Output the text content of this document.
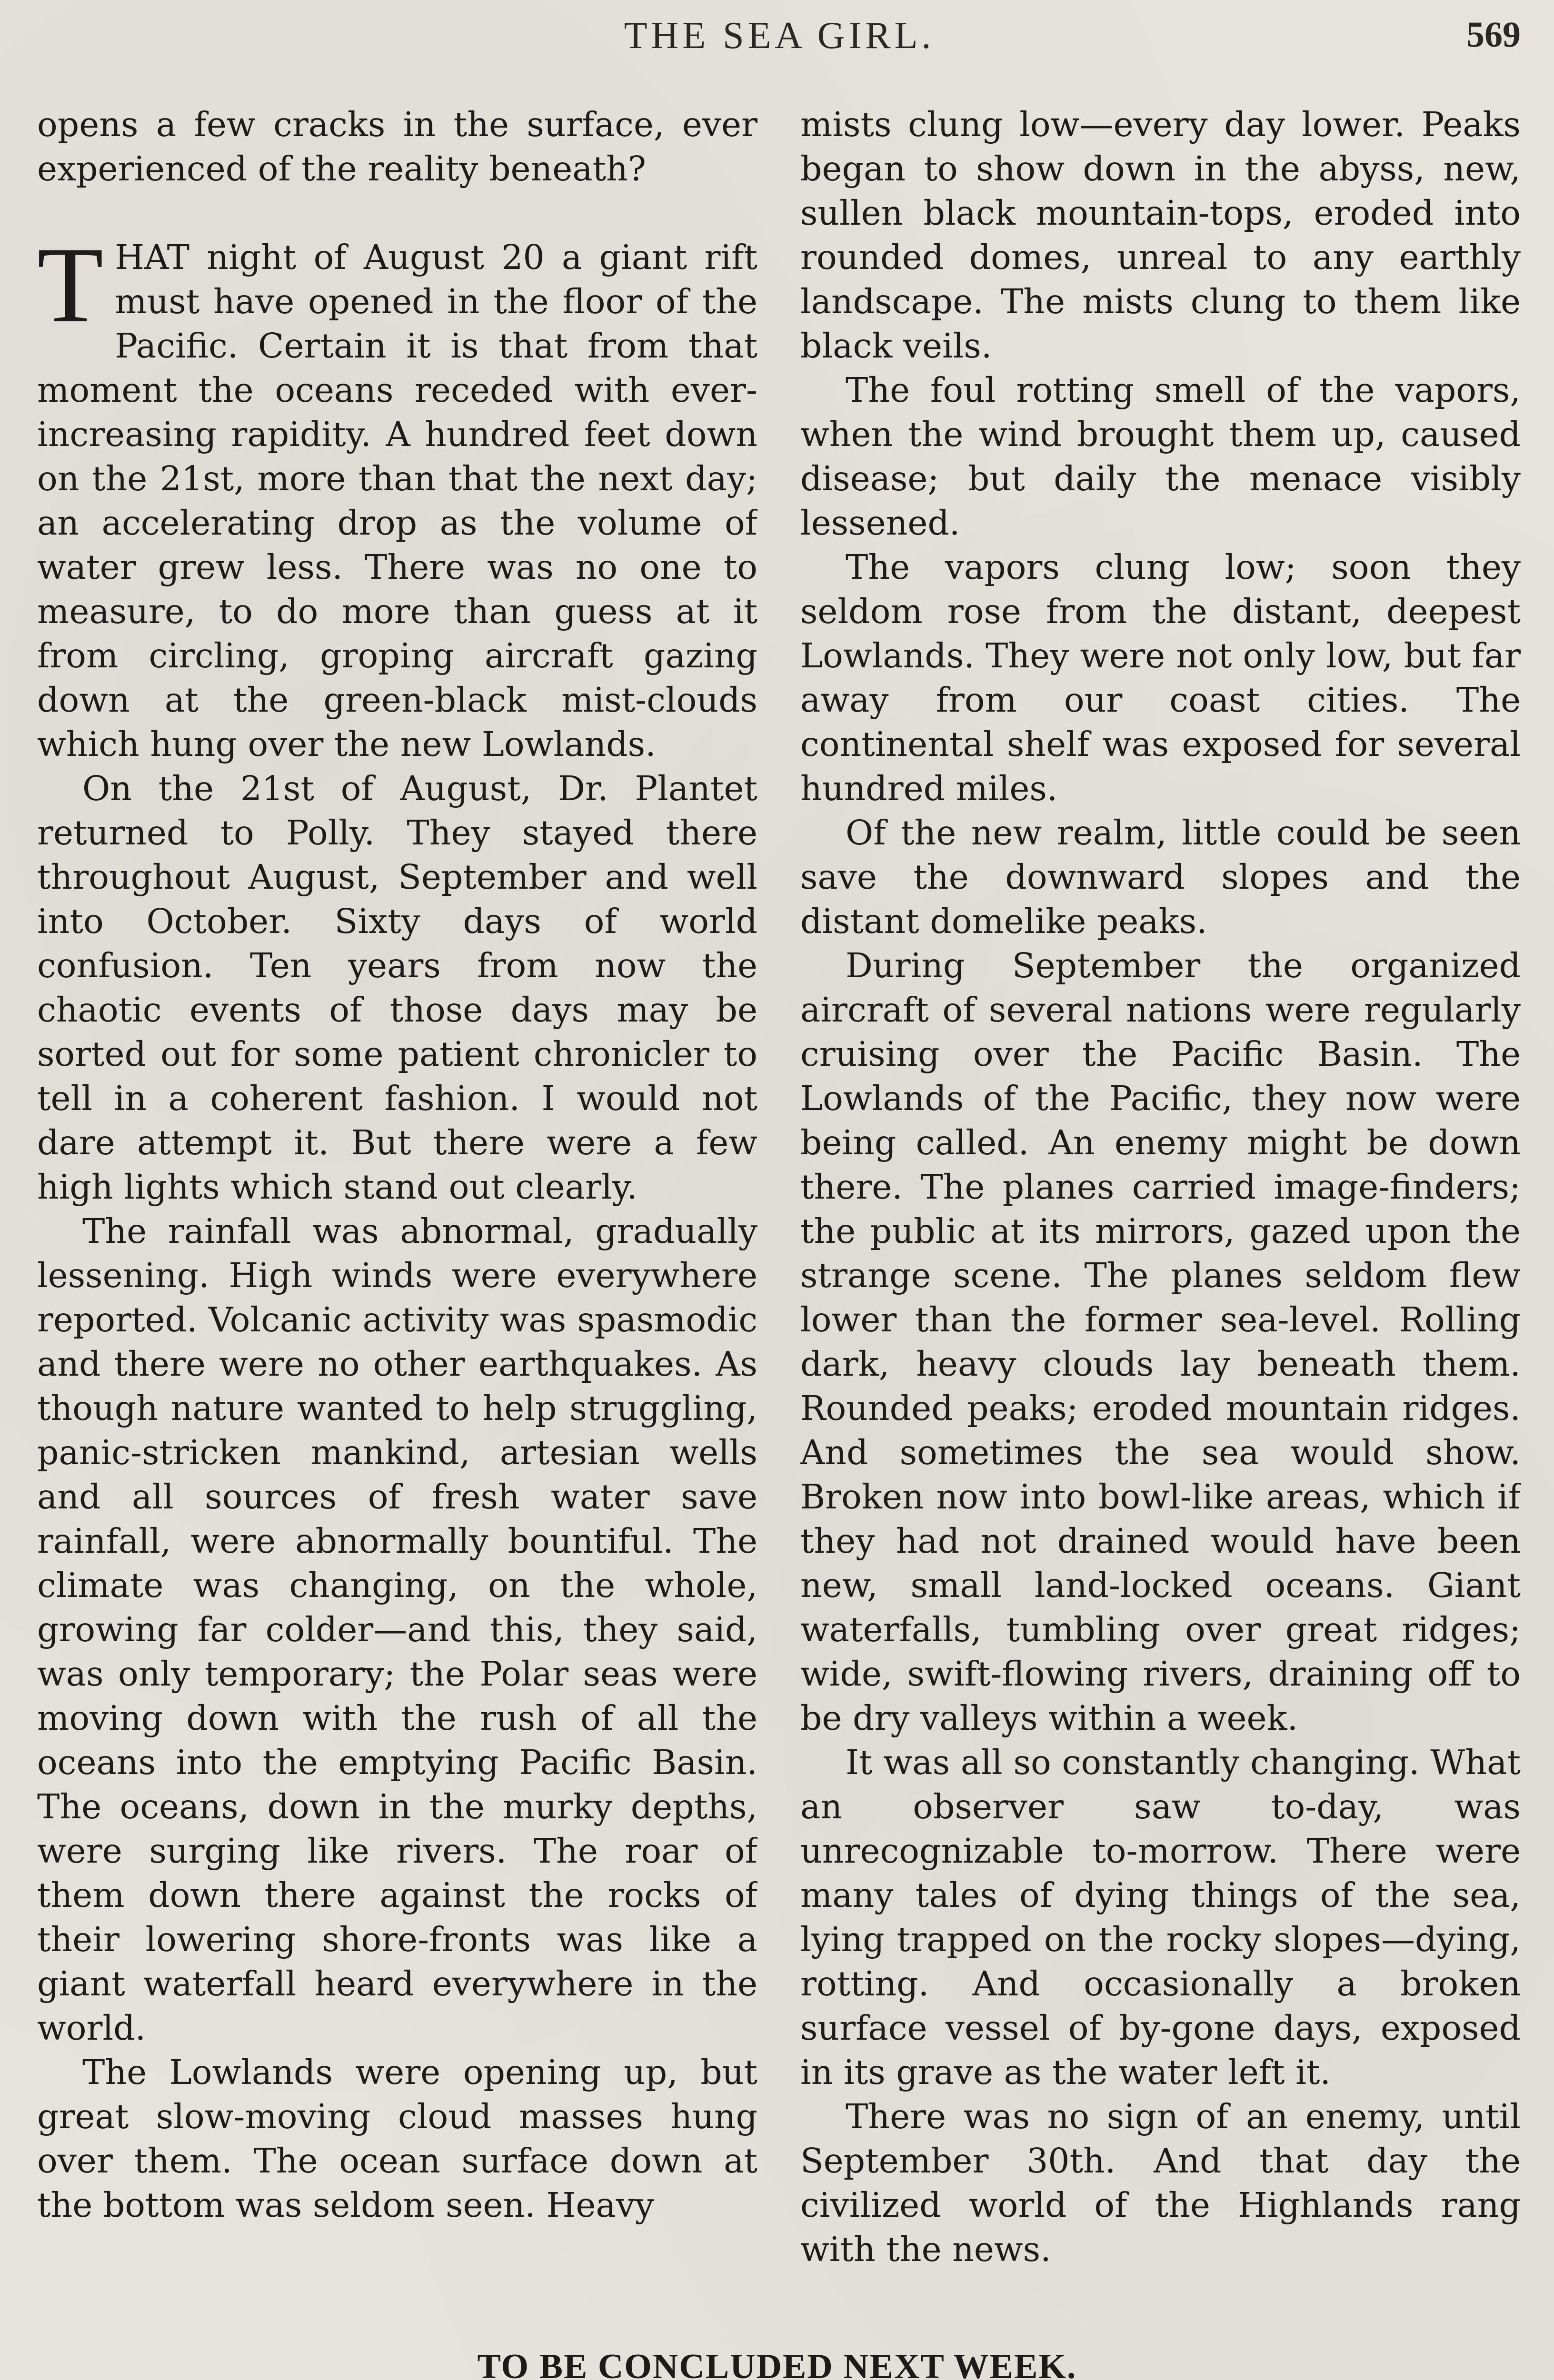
THE SEA GIRL.	569

opens a few cracks in the surface, ever experienced of the reality beneath?

THAT night of August 20 a giant rift must have opened in the floor of the Pacific. Certain it is that from that moment the oceans receded with ever-increasing rapidity. A hundred feet down on the 21st, more than that the next day; an accelerating drop as the volume of water grew less. There was no one to measure, to do more than guess at it from circling, groping aircraft gazing down at the green-black mist-clouds which hung over the new Lowlands.

On the 21st of August, Dr. Plantet returned to Polly. They stayed there throughout August, September and well into October. Sixty days of world confusion. Ten years from now the chaotic events of those days may be sorted out for some patient chronicler to tell in a coherent fashion. I would not dare attempt it. But there were a few high lights which stand out clearly.

The rainfall was abnormal, gradually lessening. High winds were everywhere reported. Volcanic activity was spasmodic and there were no other earthquakes. As though nature wanted to help struggling, panic-stricken mankind, artesian wells and all sources of fresh water save rainfall, were abnormally bountiful. The climate was changing, on the whole, growing far colder—and this, they said, was only temporary; the Polar seas were moving down with the rush of all the oceans into the emptying Pacific Basin. The oceans, down in the murky depths, were surging like rivers. The roar of them down there against the rocks of their lowering shore-fronts was like a giant waterfall heard everywhere in the world.

The Lowlands were opening up, but great slow-moving cloud masses hung over them. The ocean surface down at the bottom was seldom seen. Heavy

mists clung low—every day lower. Peaks began to show down in the abyss, new, sullen black mountain-tops, eroded into rounded domes, unreal to any earthly landscape. The mists clung to them like black veils.

The foul rotting smell of the vapors, when the wind brought them up, caused disease; but daily the menace visibly lessened.

The vapors clung low; soon they seldom rose from the distant, deepest Lowlands. They were not only low, but far away from our coast cities. The continental shelf was exposed for several hundred miles.

Of the new realm, little could be seen save the downward slopes and the distant domelike peaks.

During September the organized aircraft of several nations were regularly cruising over the Pacific Basin. The Lowlands of the Pacific, they now were being called. An enemy might be down there. The planes carried image-finders; the public at its mirrors, gazed upon the strange scene. The planes seldom flew lower than the former sea-level. Rolling dark, heavy clouds lay beneath them. Rounded peaks; eroded mountain ridges. And sometimes the sea would show. Broken now into bowl-like areas, which if they had not drained would have been new, small land-locked oceans. Giant waterfalls, tumbling over great ridges; wide, swift-flowing rivers, draining off to be dry valleys within a week.

It was all so constantly changing. What an observer saw to-day, was unrecognizable to-morrow. There were many tales of dying things of the sea, lying trapped on the rocky slopes—dying, rotting. And occasionally a broken surface vessel of by-gone days, exposed in its grave as the water left it.

There was no sign of an enemy, until September 30th. And that day the civilized world of the Highlands rang with the news.

TO BE CONCLUDED NEXT WEEK.
